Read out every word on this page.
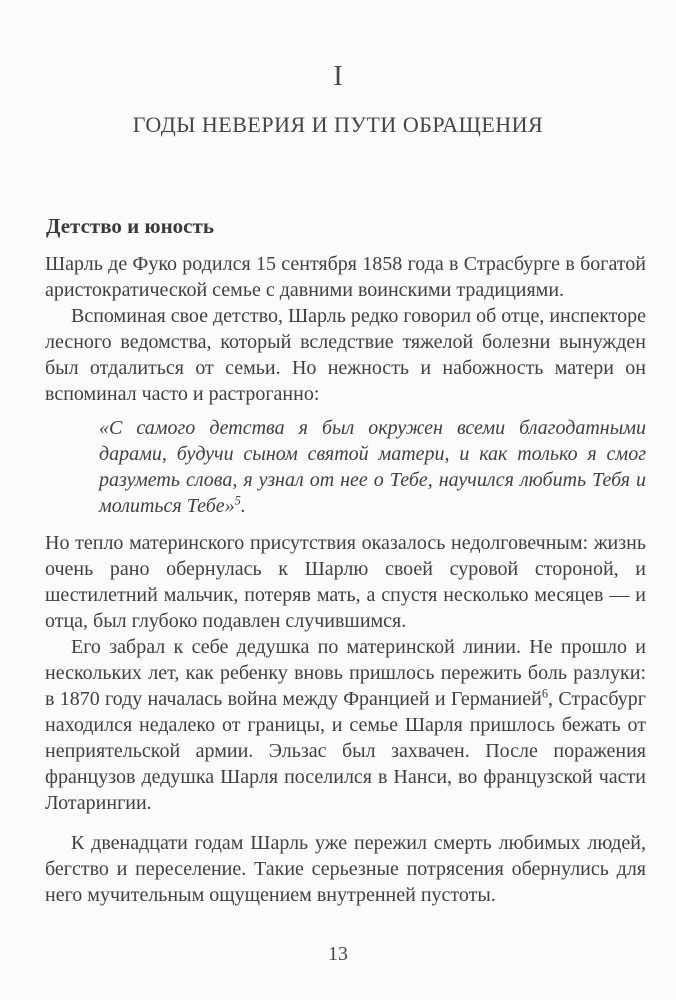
I
ГОДЫ НЕВЕРИЯ И ПУТИ ОБРАЩЕНИЯ
Детство и юность

Шарль де Фуко родился 15 сентября 1858 года в Страсбурге в богатой аристократической семье с давними воинскими традициями.

Вспоминая свое детство, Шарль редко говорил об отце, инспекторе лесного ведомства, который вследствие тяжелой болезни вынужден был отдалиться от семьи. Но нежность и набожность матери он вспоминал часто и растроганно:

«С самого детства я был окружен всеми благодатными дарами, будучи сыном святой матери, и как только я смог разуметь слова, я узнал от нее о Тебе, научился любить Тебя и молиться Тебе»$^5$.

Но тепло материнского присутствия оказалось недолговечным: жизнь очень рано обернулась к Шарлю своей суровой стороной, и шестилетний мальчик, потеряв мать, а спустя несколько месяцев — и отца, был глубоко подавлен случившимся.

Его забрал к себе дедушка по материнской линии. Не прошло и нескольких лет, как ребенку вновь пришлось пережить боль разлуки: в 1870 году началась война между Францией и Германией$^6$, Страсбург находился недалеко от границы, и семье Шарля пришлось бежать от неприятельской армии. Эльзас был захвачен. После поражения французов дедушка Шарля поселился в Нанси, во французской части Лотарингии.

К двенадцати годам Шарль уже пережил смерть любимых людей, бегство и переселение. Такие серьезные потрясения обернулись для него мучительным ощущением внутренней пустоты.

13
